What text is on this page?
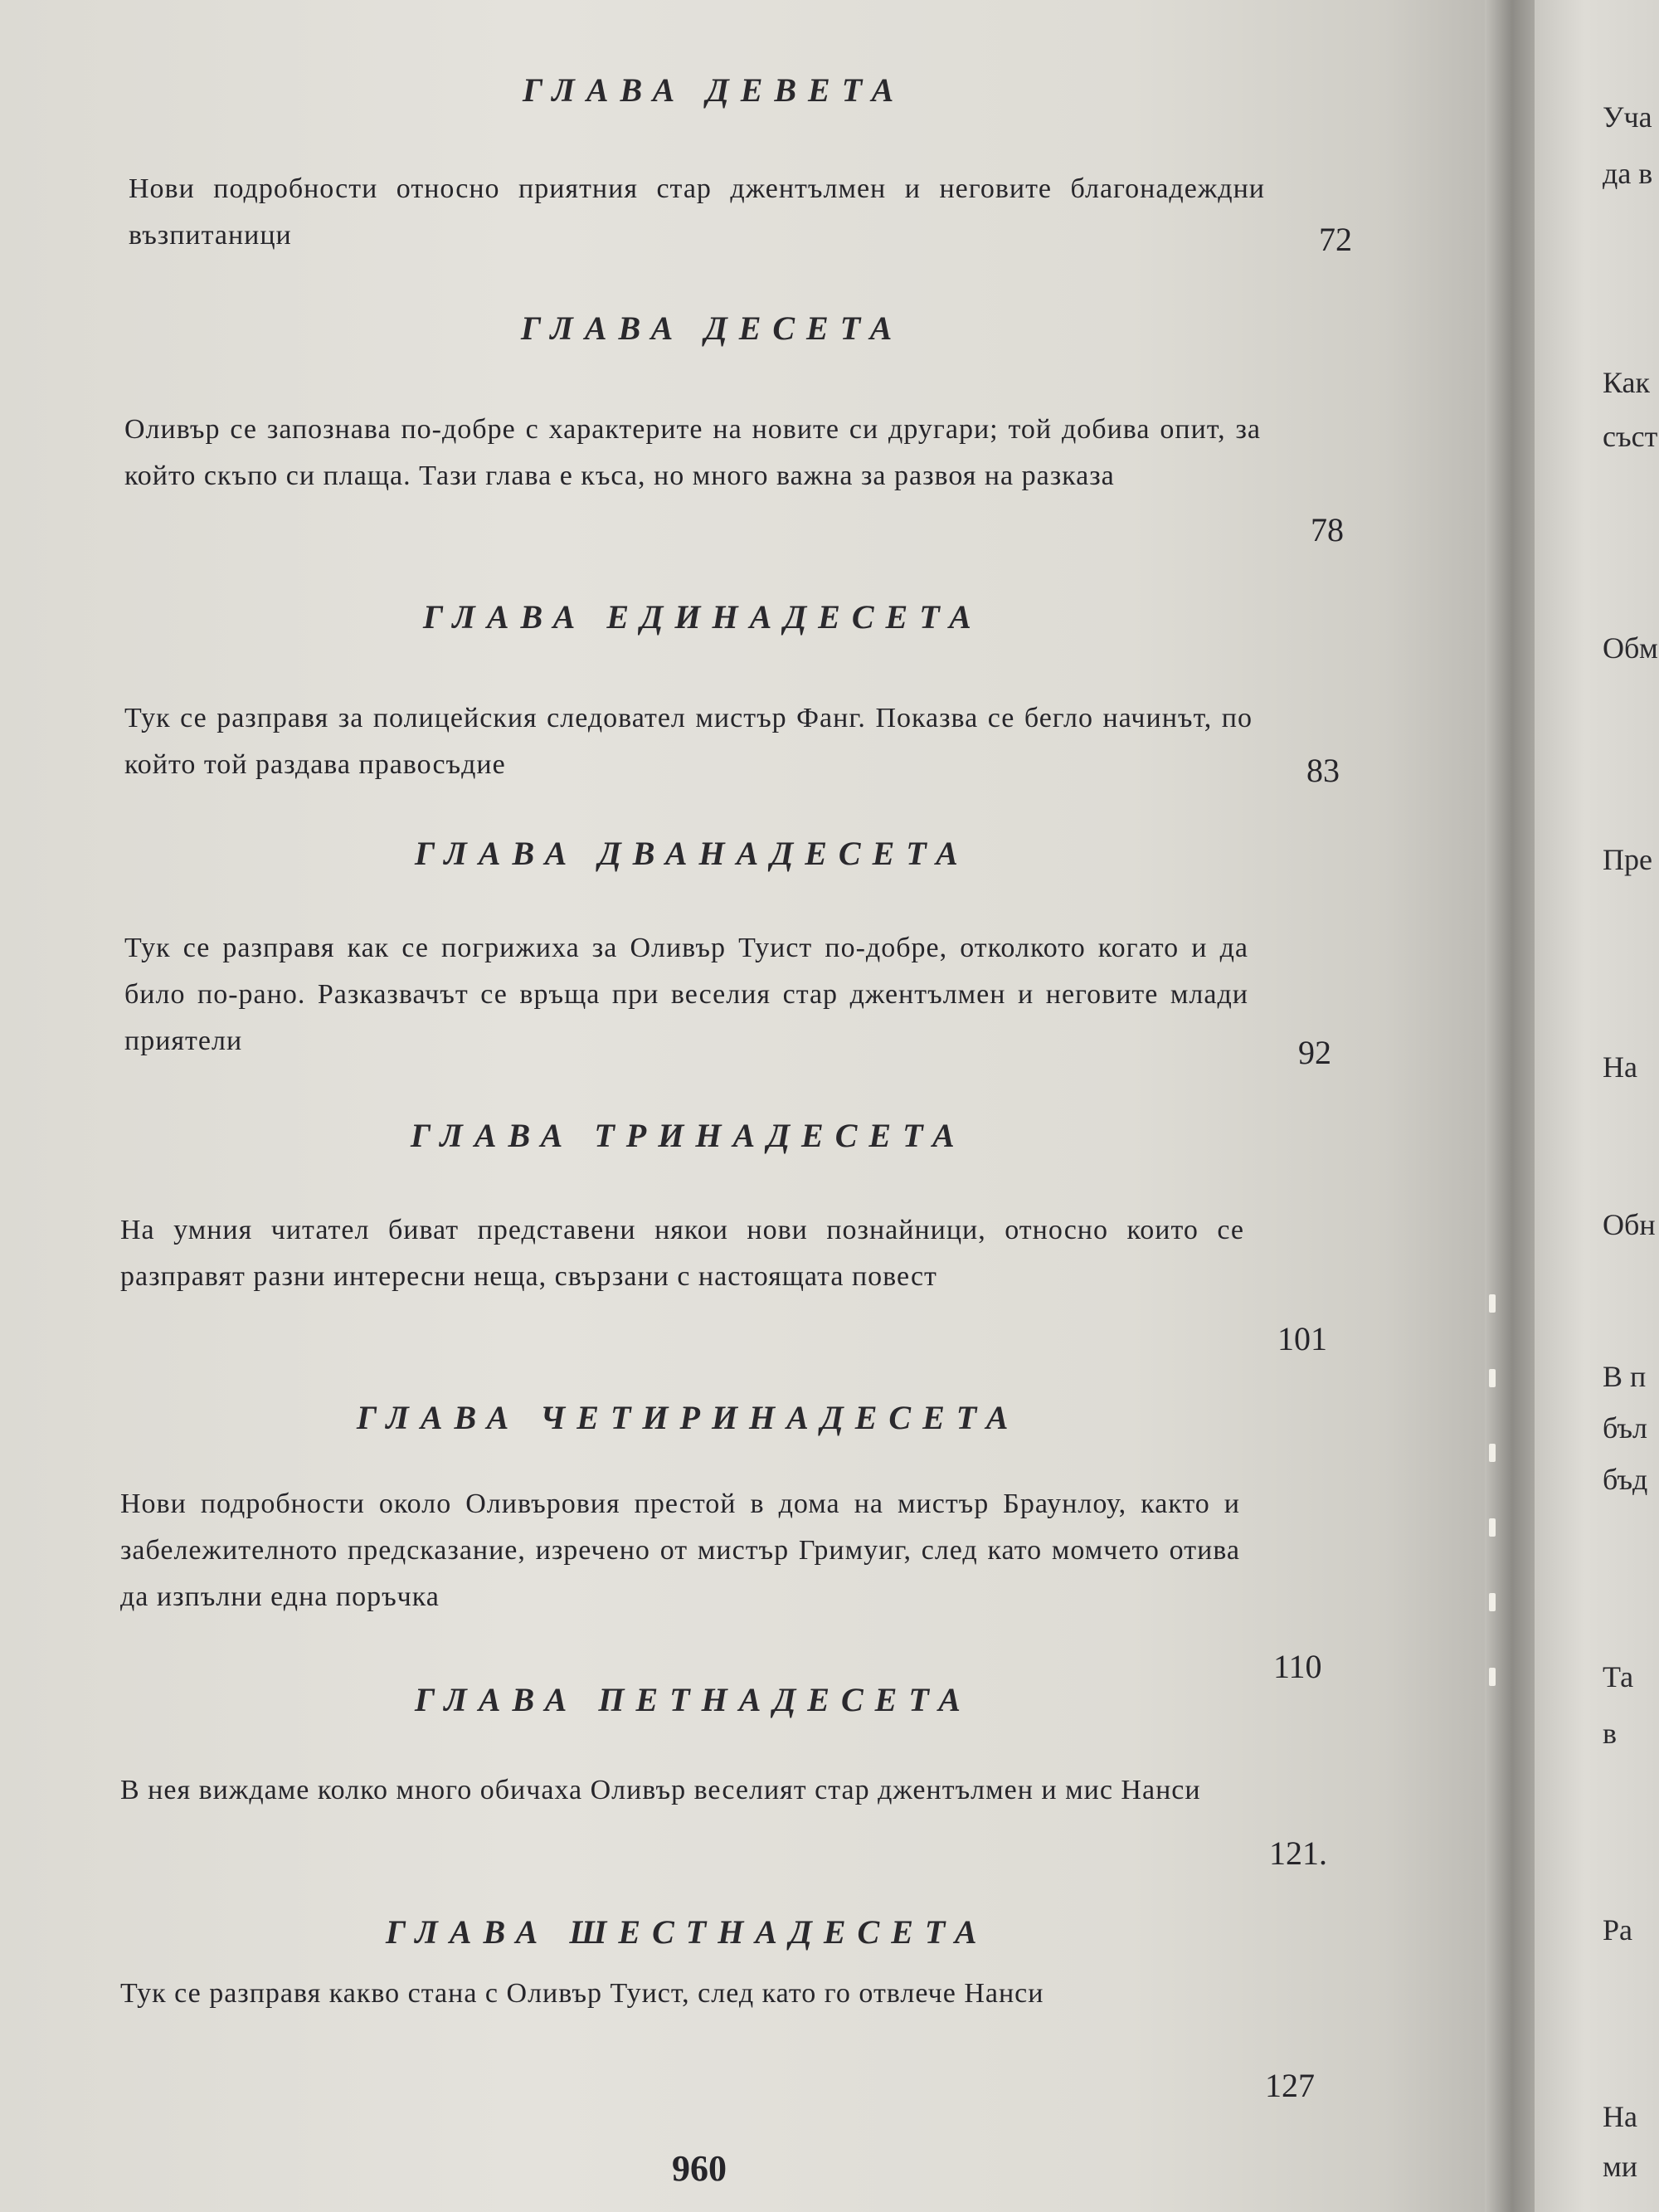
Уча
да в
Как
съст
Обм
Пре
На
Обн
В п
бъл
бъд
Та
в
Ра
На
ми
ГЛАВА ДЕВЕТА
Нови подробности относно приятния стар джентълмен и неговите благонадеждни възпитаници	72
ГЛАВА ДЕСЕТА
Оливър се запознава по-добре с характерите на новите си другари; той добива опит, за който скъпо си плаща. Тази глава е къса, но много важна за развоя на разказа
78
ГЛАВА ЕДИНАДЕСЕТА
Тук се разправя за полицейския следовател мистър Фанг. Показва се бегло начинът, по който той раздава правосъдие	83
ГЛАВА ДВАНАДЕСЕТА
Тук се разправя как се погрижиха за Оливър Туист по-добре, отколкото когато и да било по-рано. Разказвачът се връща при веселия стар джентълмен и неговите млади приятели	92
ГЛАВА ТРИНАДЕСЕТА
На умния читател биват представени някои нови познайници, относно които се разправят разни интересни неща, свързани с настоящата повест
101
ГЛАВА ЧЕТИРИНАДЕСЕТА
Нови подробности около Оливъровия престой в дома на мистър Браунлоу, както и забележителното предсказание, изречено от мистър Гримуиг, след като момчето отива да изпълни една поръчка
110
ГЛАВА ПЕТНАДЕСЕТА
В нея виждаме колко много обичаха Оливър веселият стар джентълмен и мис Нанси
121.
ГЛАВА ШЕСТНАДЕСЕТА
Тук се разправя какво стана с Оливър Туист, след като го отвлече Нанси
127
960
